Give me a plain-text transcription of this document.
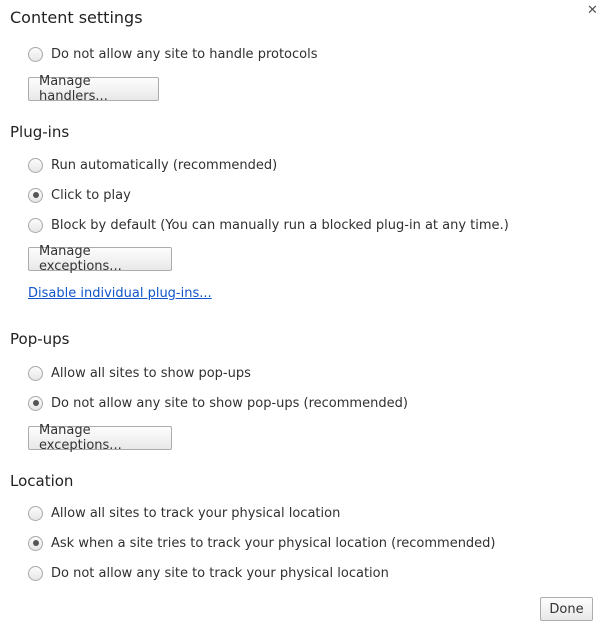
Content settings	✕
Do not allow any site to handle protocols
Manage handlers...
Plug-ins
Run automatically (recommended)
Click to play
Block by default (You can manually run a blocked plug-in at any time.)
Manage exceptions...
Disable individual plug-ins...
Pop-ups
Allow all sites to show pop-ups
Do not allow any site to show pop-ups (recommended)
Manage exceptions...
Location
Allow all sites to track your physical location
Ask when a site tries to track your physical location (recommended)
Do not allow any site to track your physical location
Done
